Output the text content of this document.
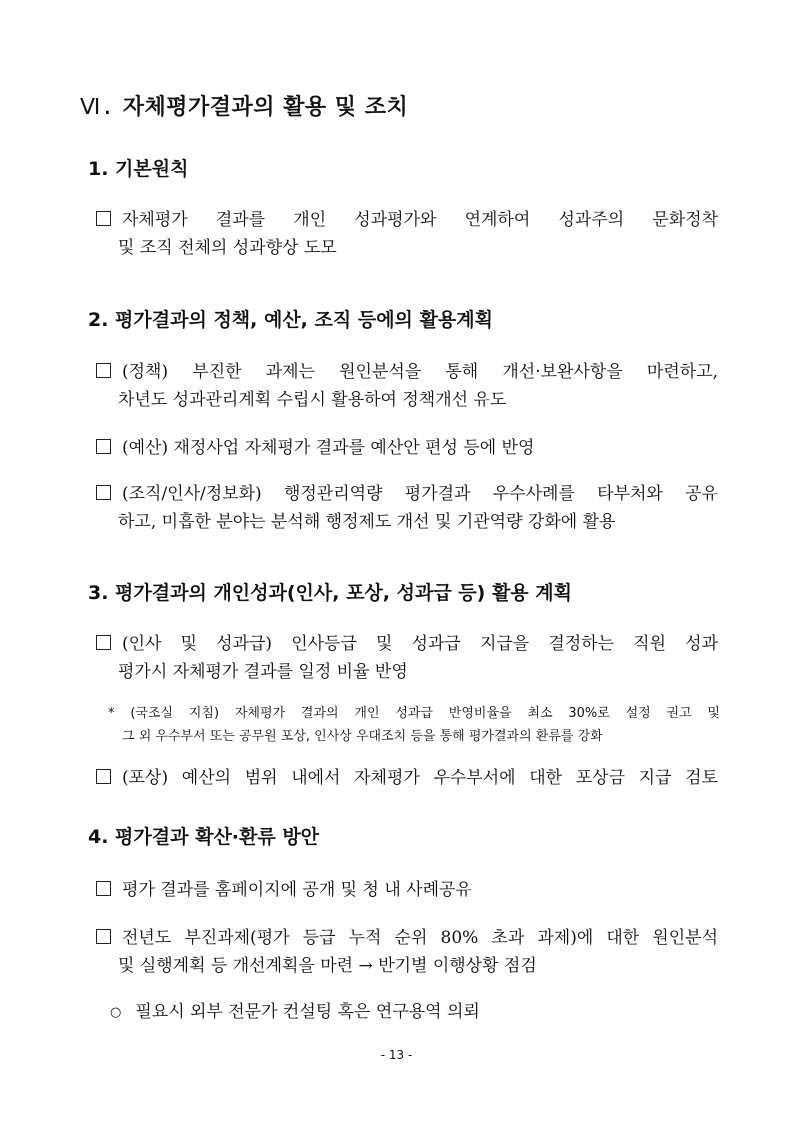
Ⅵ. 자체평가결과의 활용 및 조치
1. 기본원칙
자체평가 결과를 개인 성과평가와 연계하여 성과주의 문화정착
및 조직 전체의 성과향상 도모
2. 평가결과의 정책, 예산, 조직 등에의 활용계획
(정책) 부진한 과제는 원인분석을 통해 개선·보완사항을 마련하고,
차년도 성과관리계획 수립시 활용하여 정책개선 유도
(예산) 재정사업 자체평가 결과를 예산안 편성 등에 반영
(조직/인사/정보화) 행정관리역량 평가결과 우수사례를 타부처와 공유
하고, 미흡한 분야는 분석해 행정제도 개선 및 기관역량 강화에 활용
3. 평가결과의 개인성과(인사, 포상, 성과급 등) 활용 계획
(인사 및 성과급) 인사등급 및 성과급 지급을 결정하는 직원 성과
평가시 자체평가 결과를 일정 비율 반영
* (국조실 지침) 자체평가 결과의 개인 성과급 반영비율을 최소 30%로 설정 권고 및
그 외 우수부서 또는 공무원 포상, 인사상 우대조치 등을 통해 평가결과의 환류를 강화
(포상) 예산의 범위 내에서 자체평가 우수부서에 대한 포상금 지급 검토
4. 평가결과 확산·환류 방안
평가 결과를 홈페이지에 공개 및 청 내 사례공유
전년도 부진과제(평가 등급 누적 순위 80% 초과 과제)에 대한 원인분석
및 실행계획 등 개선계획을 마련 → 반기별 이행상황 점검
○ 필요시 외부 전문가 컨설팅 혹은 연구용역 의뢰
- 13 -
